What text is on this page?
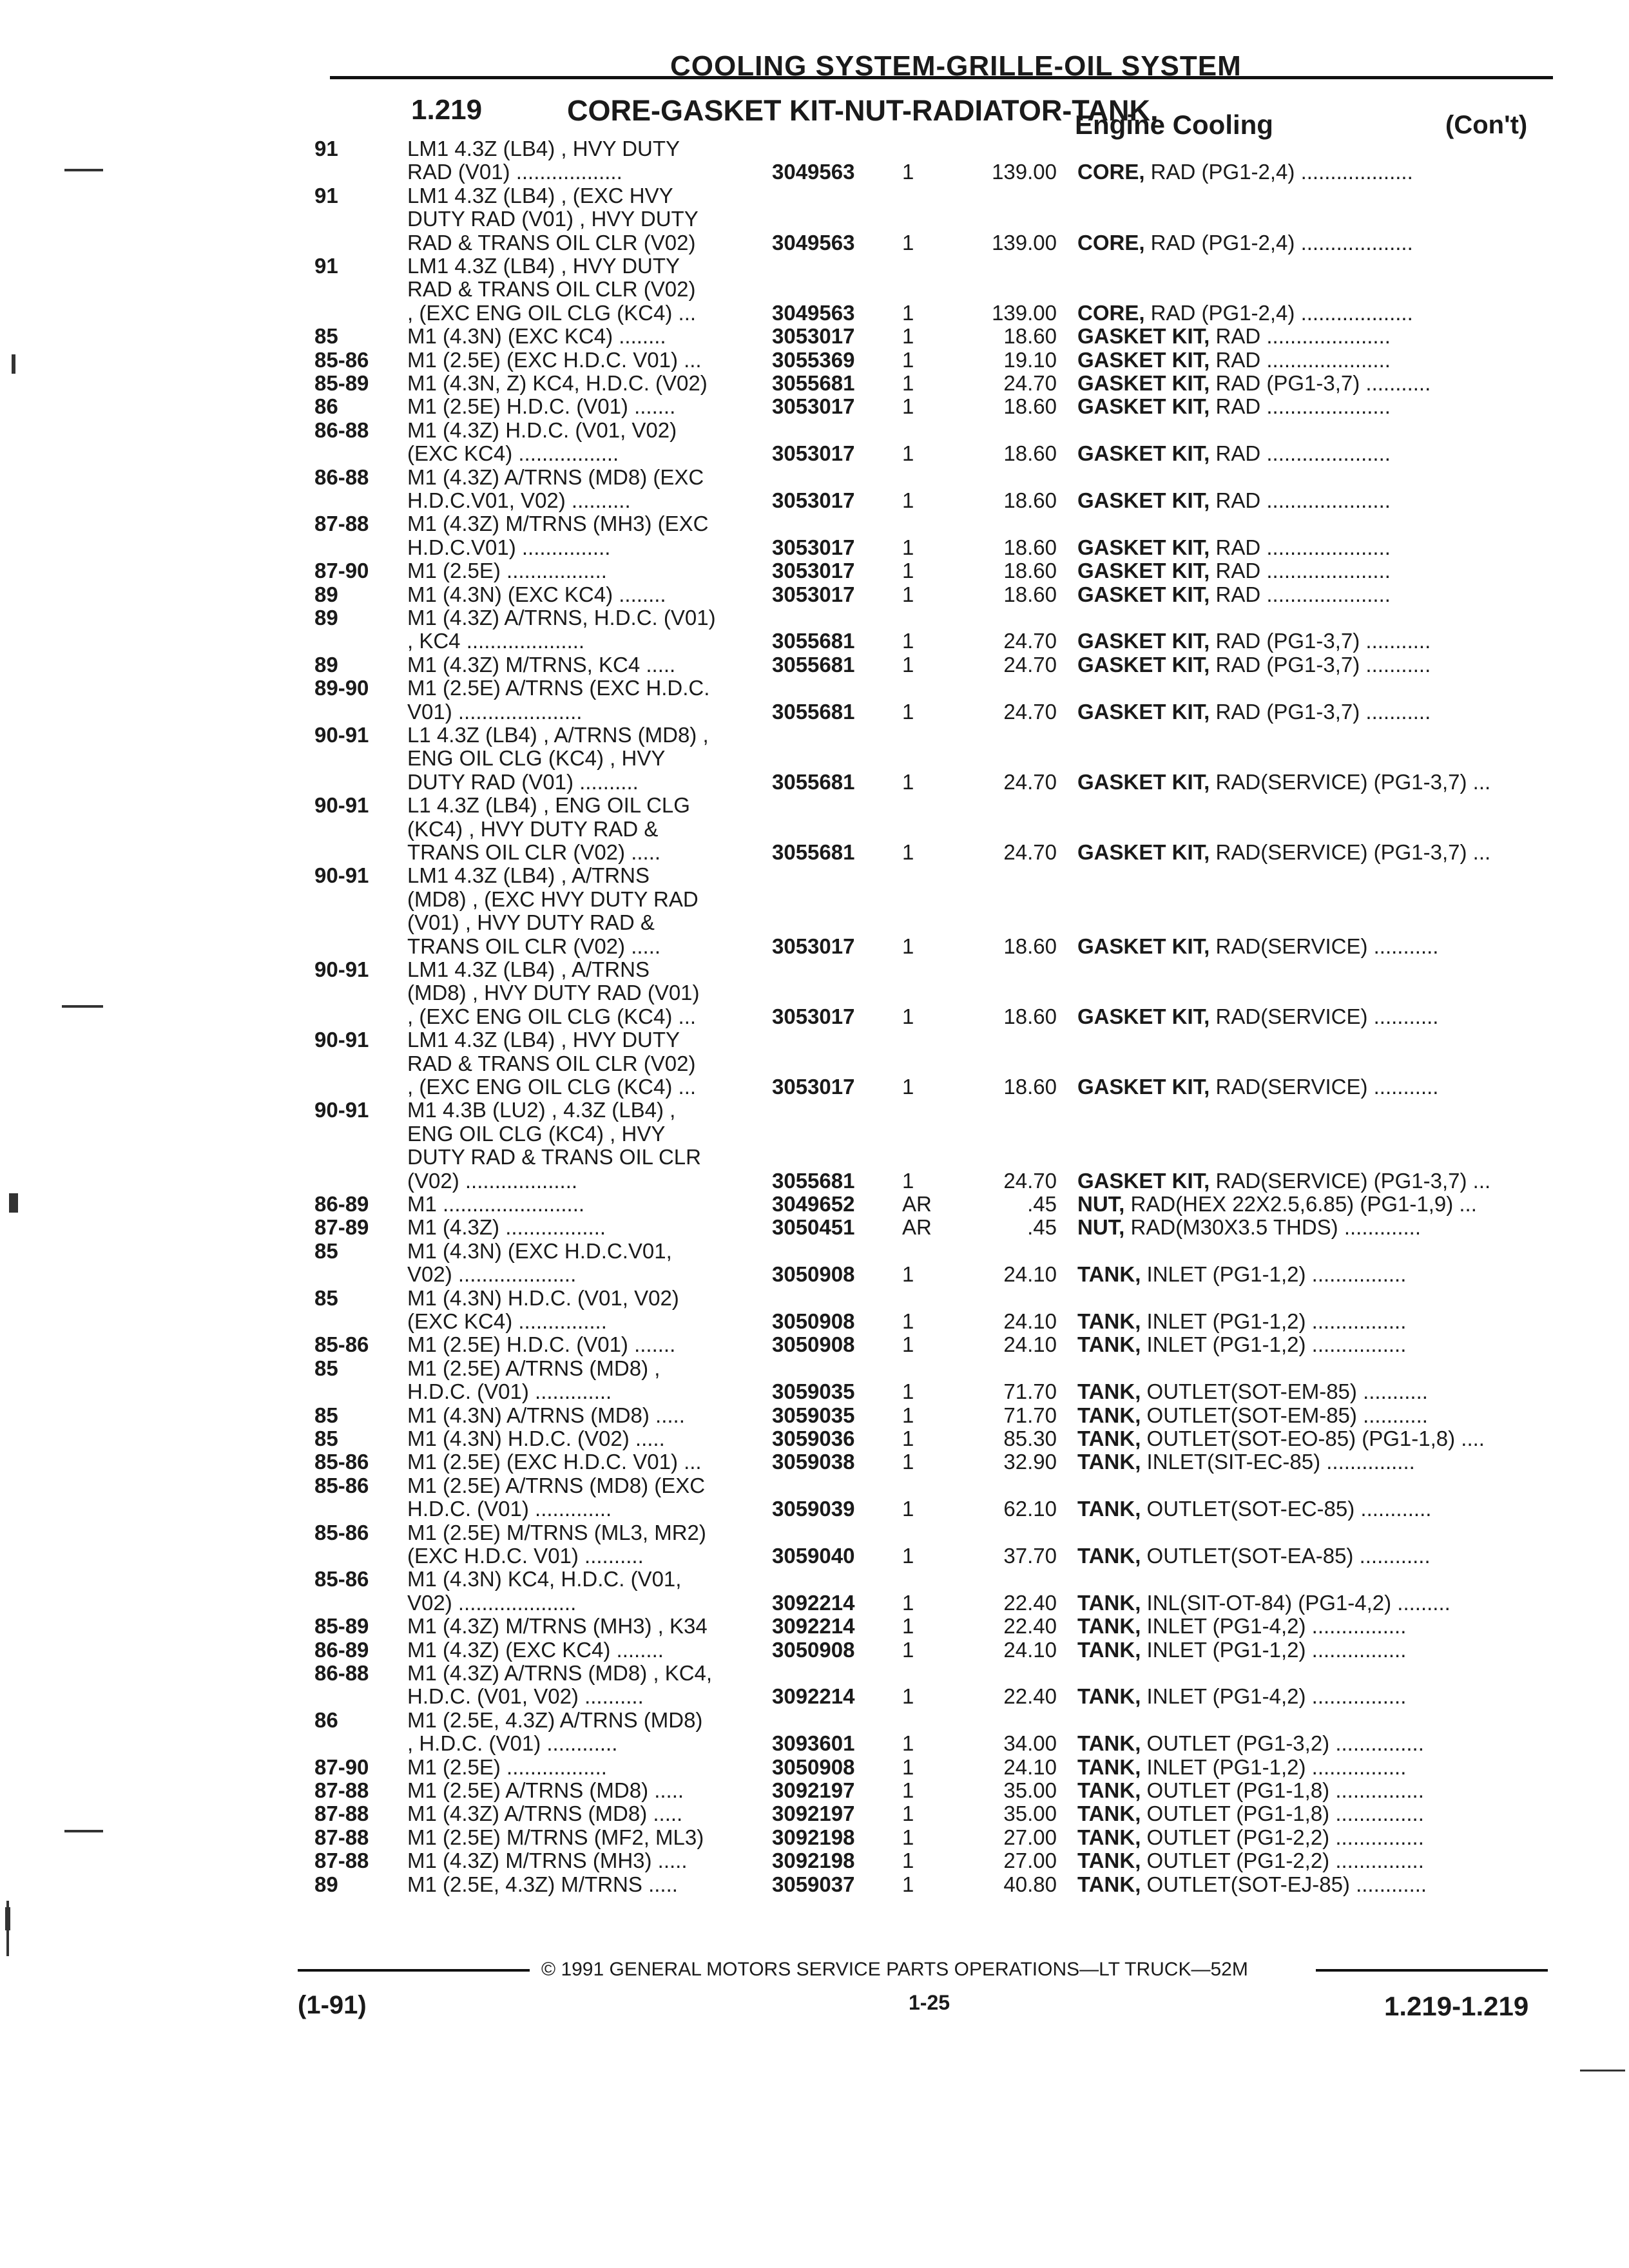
COOLING SYSTEM-GRILLE-OIL SYSTEM
1.219	CORE-GASKET KIT-NUT-RADIATOR-TANK,
Engine Cooling	(Con't)
91	LM1 4.3Z (LB4) , HVY DUTY
RAD (V01) ..................	3049563	1	139.00 CORE, RAD (PG1-2,4) ...................
91	LM1 4.3Z (LB4) , (EXC HVY
DUTY RAD (V01) , HVY DUTY
RAD & TRANS OIL CLR (V02)	3049563	1	139.00 CORE, RAD (PG1-2,4) ...................
91	LM1 4.3Z (LB4) , HVY DUTY
RAD & TRANS OIL CLR (V02)
, (EXC ENG OIL CLG (KC4) ...	3049563	1	139.00 CORE, RAD (PG1-2,4) ...................
85	M1 (4.3N) (EXC KC4) ........	3053017	1	18.60 GASKET KIT, RAD .....................
85-86	M1 (2.5E) (EXC H.D.C. V01) ...	3055369	1	19.10 GASKET KIT, RAD .....................
85-89	M1 (4.3N, Z) KC4, H.D.C. (V02)	3055681	1	24.70 GASKET KIT, RAD (PG1-3,7) ...........
86	M1 (2.5E) H.D.C. (V01) .......	3053017	1	18.60 GASKET KIT, RAD .....................
86-88	M1 (4.3Z) H.D.C. (V01, V02)
(EXC KC4) .................	3053017	1	18.60 GASKET KIT, RAD .....................
86-88	M1 (4.3Z) A/TRNS (MD8) (EXC
H.D.C.V01, V02) ..........	3053017	1	18.60 GASKET KIT, RAD .....................
87-88	M1 (4.3Z) M/TRNS (MH3) (EXC
H.D.C.V01) ...............	3053017	1	18.60 GASKET KIT, RAD .....................
87-90	M1 (2.5E) .................	3053017	1	18.60 GASKET KIT, RAD .....................
89	M1 (4.3N) (EXC KC4) ........	3053017	1	18.60 GASKET KIT, RAD .....................
89	M1 (4.3Z) A/TRNS, H.D.C. (V01)
, KC4 ....................	3055681	1	24.70 GASKET KIT, RAD (PG1-3,7) ...........
89	M1 (4.3Z) M/TRNS, KC4 .....	3055681	1	24.70 GASKET KIT, RAD (PG1-3,7) ...........
89-90	M1 (2.5E) A/TRNS (EXC H.D.C.
V01) .....................	3055681	1	24.70 GASKET KIT, RAD (PG1-3,7) ...........
90-91	L1 4.3Z (LB4) , A/TRNS (MD8) ,
ENG OIL CLG (KC4) , HVY
DUTY RAD (V01) ..........	3055681	1	24.70 GASKET KIT, RAD(SERVICE) (PG1-3,7) ...
90-91	L1 4.3Z (LB4) , ENG OIL CLG
(KC4) , HVY DUTY RAD &
TRANS OIL CLR (V02) .....	3055681	1	24.70 GASKET KIT, RAD(SERVICE) (PG1-3,7) ...
90-91	LM1 4.3Z (LB4) , A/TRNS
(MD8) , (EXC HVY DUTY RAD
(V01) , HVY DUTY RAD &
TRANS OIL CLR (V02) .....	3053017	1	18.60 GASKET KIT, RAD(SERVICE) ...........
90-91	LM1 4.3Z (LB4) , A/TRNS
(MD8) , HVY DUTY RAD (V01)
, (EXC ENG OIL CLG (KC4) ...	3053017	1	18.60 GASKET KIT, RAD(SERVICE) ...........
90-91	LM1 4.3Z (LB4) , HVY DUTY
RAD & TRANS OIL CLR (V02)
, (EXC ENG OIL CLG (KC4) ...	3053017	1	18.60 GASKET KIT, RAD(SERVICE) ...........
90-91	M1 4.3B (LU2) , 4.3Z (LB4) ,
ENG OIL CLG (KC4) , HVY
DUTY RAD & TRANS OIL CLR
(V02) ...................	3055681	1	24.70 GASKET KIT, RAD(SERVICE) (PG1-3,7) ...
86-89	M1 ........................	3049652	AR	.45 NUT, RAD(HEX 22X2.5,6.85) (PG1-1,9) ...
87-89	M1 (4.3Z) .................	3050451	AR	.45 NUT, RAD(M30X3.5 THDS) .............
85	M1 (4.3N) (EXC H.D.C.V01,
V02) ....................	3050908	1	24.10 TANK, INLET (PG1-1,2) ................
85	M1 (4.3N) H.D.C. (V01, V02)
(EXC KC4) ...............	3050908	1	24.10 TANK, INLET (PG1-1,2) ................
85-86	M1 (2.5E) H.D.C. (V01) .......	3050908	1	24.10 TANK, INLET (PG1-1,2) ................
85	M1 (2.5E) A/TRNS (MD8) ,
H.D.C. (V01) .............	3059035	1	71.70 TANK, OUTLET(SOT-EM-85) ...........
85	M1 (4.3N) A/TRNS (MD8) .....	3059035	1	71.70 TANK, OUTLET(SOT-EM-85) ...........
85	M1 (4.3N) H.D.C. (V02) .....	3059036	1	85.30 TANK, OUTLET(SOT-EO-85) (PG1-1,8) ....
85-86	M1 (2.5E) (EXC H.D.C. V01) ...	3059038	1	32.90 TANK, INLET(SIT-EC-85) ...............
85-86	M1 (2.5E) A/TRNS (MD8) (EXC
H.D.C. (V01) .............	3059039	1	62.10 TANK, OUTLET(SOT-EC-85) ............
85-86	M1 (2.5E) M/TRNS (ML3, MR2)
(EXC H.D.C. V01) ..........	3059040	1	37.70 TANK, OUTLET(SOT-EA-85) ............
85-86	M1 (4.3N) KC4, H.D.C. (V01,
V02) ....................	3092214	1	22.40 TANK, INL(SIT-OT-84) (PG1-4,2) .........
85-89	M1 (4.3Z) M/TRNS (MH3) , K34	3092214	1	22.40 TANK, INLET (PG1-4,2) ................
86-89	M1 (4.3Z) (EXC KC4) ........	3050908	1	24.10 TANK, INLET (PG1-1,2) ................
86-88	M1 (4.3Z) A/TRNS (MD8) , KC4,
H.D.C. (V01, V02) ..........	3092214	1	22.40 TANK, INLET (PG1-4,2) ................
86	M1 (2.5E, 4.3Z) A/TRNS (MD8)
, H.D.C. (V01) ............	3093601	1	34.00 TANK, OUTLET (PG1-3,2) ...............
87-90	M1 (2.5E) .................	3050908	1	24.10 TANK, INLET (PG1-1,2) ................
87-88	M1 (2.5E) A/TRNS (MD8) .....	3092197	1	35.00 TANK, OUTLET (PG1-1,8) ...............
87-88	M1 (4.3Z) A/TRNS (MD8) .....	3092197	1	35.00 TANK, OUTLET (PG1-1,8) ...............
87-88	M1 (2.5E) M/TRNS (MF2, ML3)	3092198	1	27.00 TANK, OUTLET (PG1-2,2) ...............
87-88	M1 (4.3Z) M/TRNS (MH3) .....	3092198	1	27.00 TANK, OUTLET (PG1-2,2) ...............
89	M1 (2.5E, 4.3Z) M/TRNS .....	3059037	1	40.80 TANK, OUTLET(SOT-EJ-85) ............
© 1991 GENERAL MOTORS SERVICE PARTS OPERATIONS—LT TRUCK—52M
(1-91)	1-25	1.219-1.219
